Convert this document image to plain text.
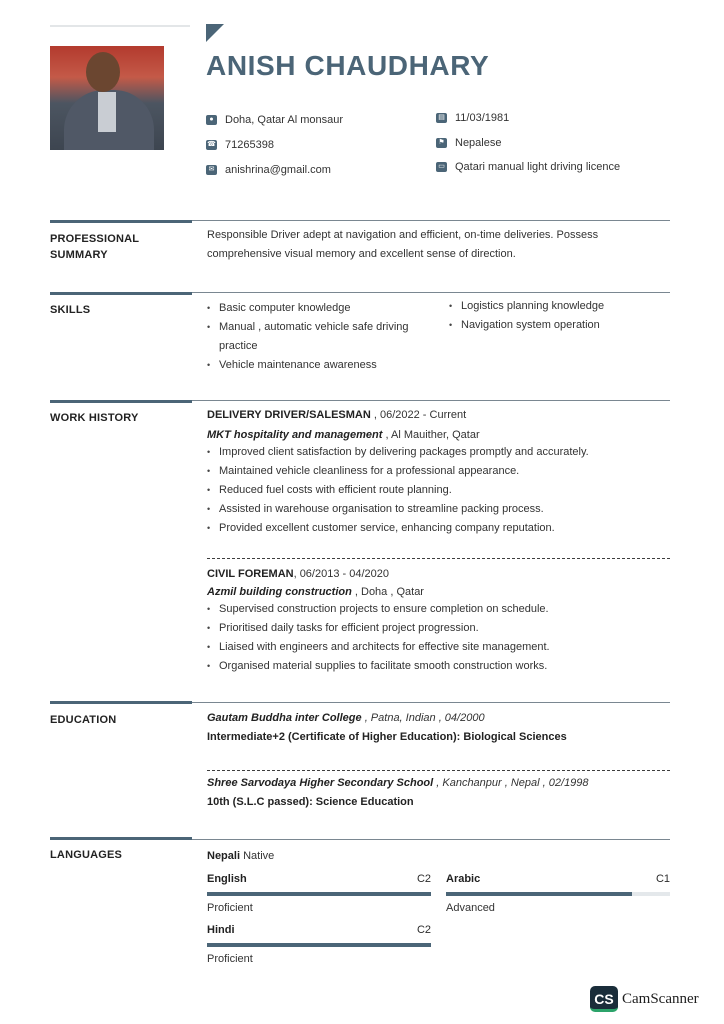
ANISH CHAUDHARY
●	Doha, Qatar Al monsaur
☎ 71265398
✉ anishrina@gmail.com
▤ 11/03/1981
⚑ Nepalese
▭ Qatari manual light driving licence
PROFESSIONAL
SUMMARY
Responsible Driver adept at navigation and efficient, on-time deliveries. Possess
comprehensive visual memory and excellent sense of direction.
SKILLS
•	Basic computer knowledge
• Manual , automatic vehicle safe driving practice
• Vehicle maintenance awareness
• Logistics planning knowledge
• Navigation system operation
WORK HISTORY	DELIVERY DRIVER/SALESMAN , 06/2022 - Current
MKT hospitality and management , Al Mauither, Qatar
• Improved client satisfaction by delivering packages promptly and accurately.
• Maintained vehicle cleanliness for a professional appearance.
• Reduced fuel costs with efficient route planning.
• Assisted in warehouse organisation to streamline packing process.
• Provided excellent customer service, enhancing company reputation.
CIVIL FOREMAN, 06/2013 - 04/2020
Azmil building construction , Doha , Qatar
• Supervised construction projects to ensure completion on schedule.
• Prioritised daily tasks for efficient project progression.
• Liaised with engineers and architects for effective site management.
• Organised material supplies to facilitate smooth construction works.
EDUCATION	Gautam Buddha inter College , Patna, Indian , 04/2000
Intermediate+2 (Certificate of Higher Education): Biological Sciences
Shree Sarvodaya Higher Secondary School , Kanchanpur , Nepal , 02/1998
10th (S.L.C passed): Science Education
LANGUAGES	Nepali Native
English	C2
Proficient
Arabic	C1
Advanced
Hindi	C2
Proficient
CS CamScanner
